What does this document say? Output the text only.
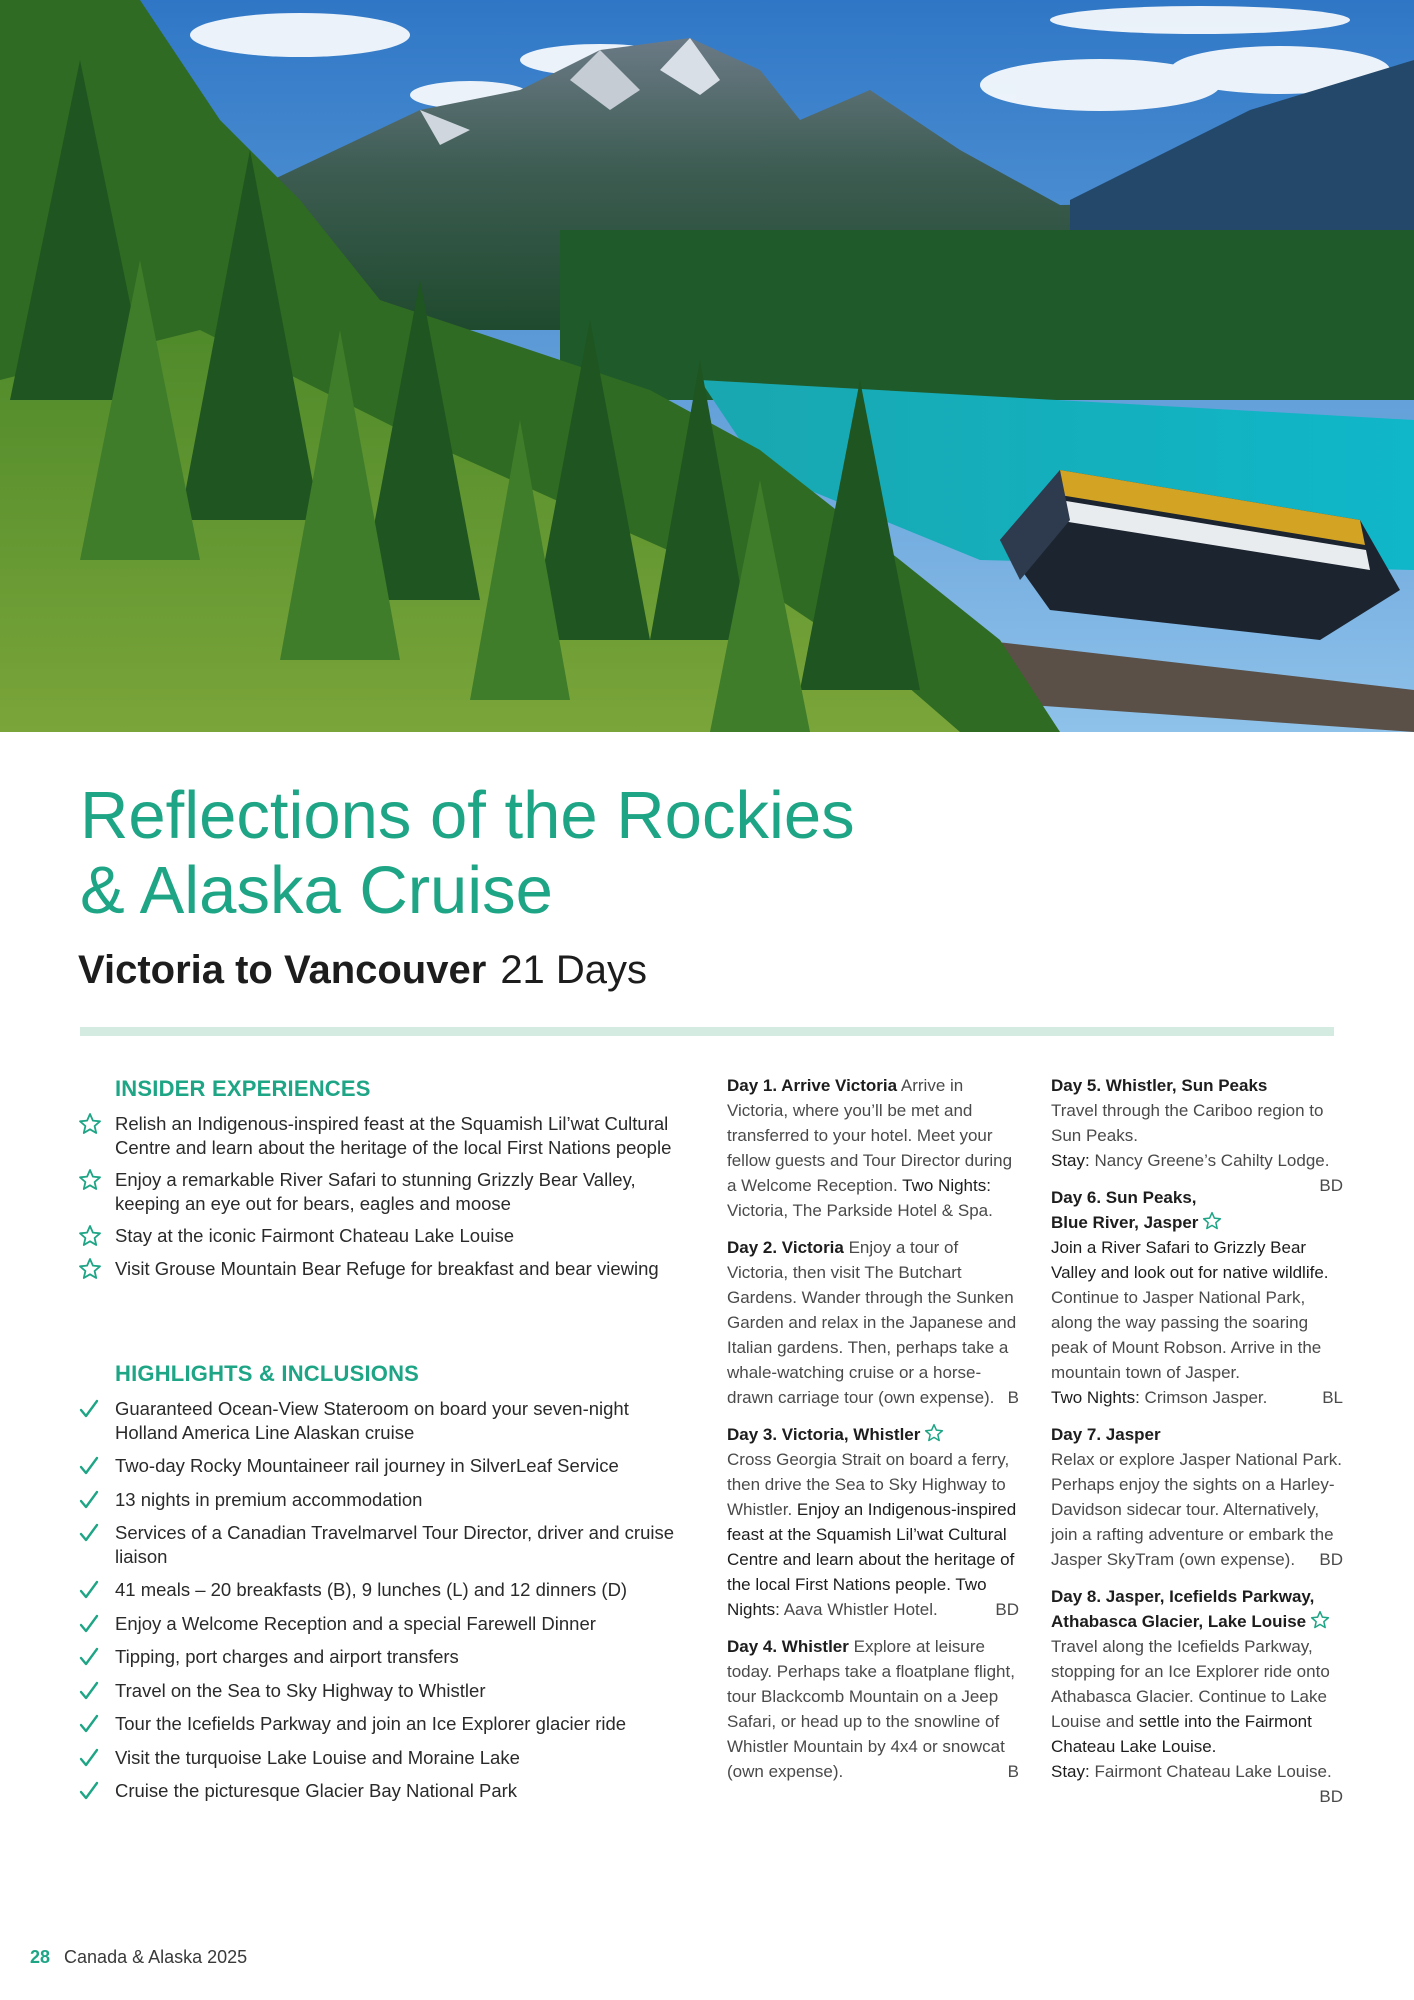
Reflections of the Rockies
& Alaska Cruise
Victoria to Vancouver 21 Days
INSIDER EXPERIENCES
Relish an Indigenous-inspired feast at the Squamish Lil’wat Cultural Centre and learn about the heritage of the local First Nations people
Enjoy a remarkable River Safari to stunning Grizzly Bear Valley, keeping an eye out for bears, eagles and moose
Stay at the iconic Fairmont Chateau Lake Louise
Visit Grouse Mountain Bear Refuge for breakfast and bear viewing
HIGHLIGHTS & INCLUSIONS
Guaranteed Ocean-View Stateroom on board your seven-night Holland America Line Alaskan cruise
Two-day Rocky Mountaineer rail journey in SilverLeaf Service
13 nights in premium accommodation
Services of a Canadian Travelmarvel Tour Director, driver and cruise liaison
41 meals – 20 breakfasts (B), 9 lunches (L) and 12 dinners (D)
Enjoy a Welcome Reception and a special Farewell Dinner
Tipping, port charges and airport transfers
Travel on the Sea to Sky Highway to Whistler
Tour the Icefields Parkway and join an Ice Explorer glacier ride
Visit the turquoise Lake Louise and Moraine Lake
Cruise the picturesque Glacier Bay National Park

Day 1. Arrive Victoria Arrive in Victoria, where you’ll be met and transferred to your hotel. Meet your fellow guests and Tour Director during a Welcome Reception. Two Nights: Victoria, The Parkside Hotel & Spa.

Day 2. Victoria Enjoy a tour of Victoria, then visit The Butchart Gardens. Wander through the Sunken Garden and relax in the Japanese and Italian gardens. Then, perhaps take a whale-watching cruise or a horse-drawn carriage tour (own expense). B

Day 3. Victoria, Whistler

Cross Georgia Strait on board a ferry, then drive the Sea to Sky Highway to Whistler. Enjoy an Indigenous-inspired feast at the Squamish Lil’wat Cultural Centre and learn about the heritage of the local First Nations people. Two Nights: Aava Whistler Hotel.	BD

Day 4. Whistler Explore at leisure today. Perhaps take a floatplane flight, tour Blackcomb Mountain on a Jeep Safari, or head up to the snowline of Whistler Mountain by 4x4 or snowcat (own expense).	B

Day 5. Whistler, Sun Peaks
Travel through the Cariboo region to Sun Peaks.
Stay: Nancy Greene’s Cahilty Lodge.
BD

Day 6. Sun Peaks,
Blue River, Jasper

Join a River Safari to Grizzly Bear Valley and look out for native wildlife. Continue to Jasper National Park, along the way passing the soaring peak of Mount Robson. Arrive in the mountain town of Jasper.
Two Nights: Crimson Jasper.	BL

Day 7. Jasper
Relax or explore Jasper National Park. Perhaps enjoy the sights on a Harley-Davidson sidecar tour. Alternatively, join a rafting adventure or embark the Jasper SkyTram (own expense). BD

Day 8. Jasper, Icefields Parkway,
Athabasca Glacier, Lake Louise

Travel along the Icefields Parkway, stopping for an Ice Explorer ride onto Athabasca Glacier. Continue to Lake Louise and settle into the Fairmont Chateau Lake Louise.
Stay: Fairmont Chateau Lake Louise.
BD

28 Canada & Alaska 2025
